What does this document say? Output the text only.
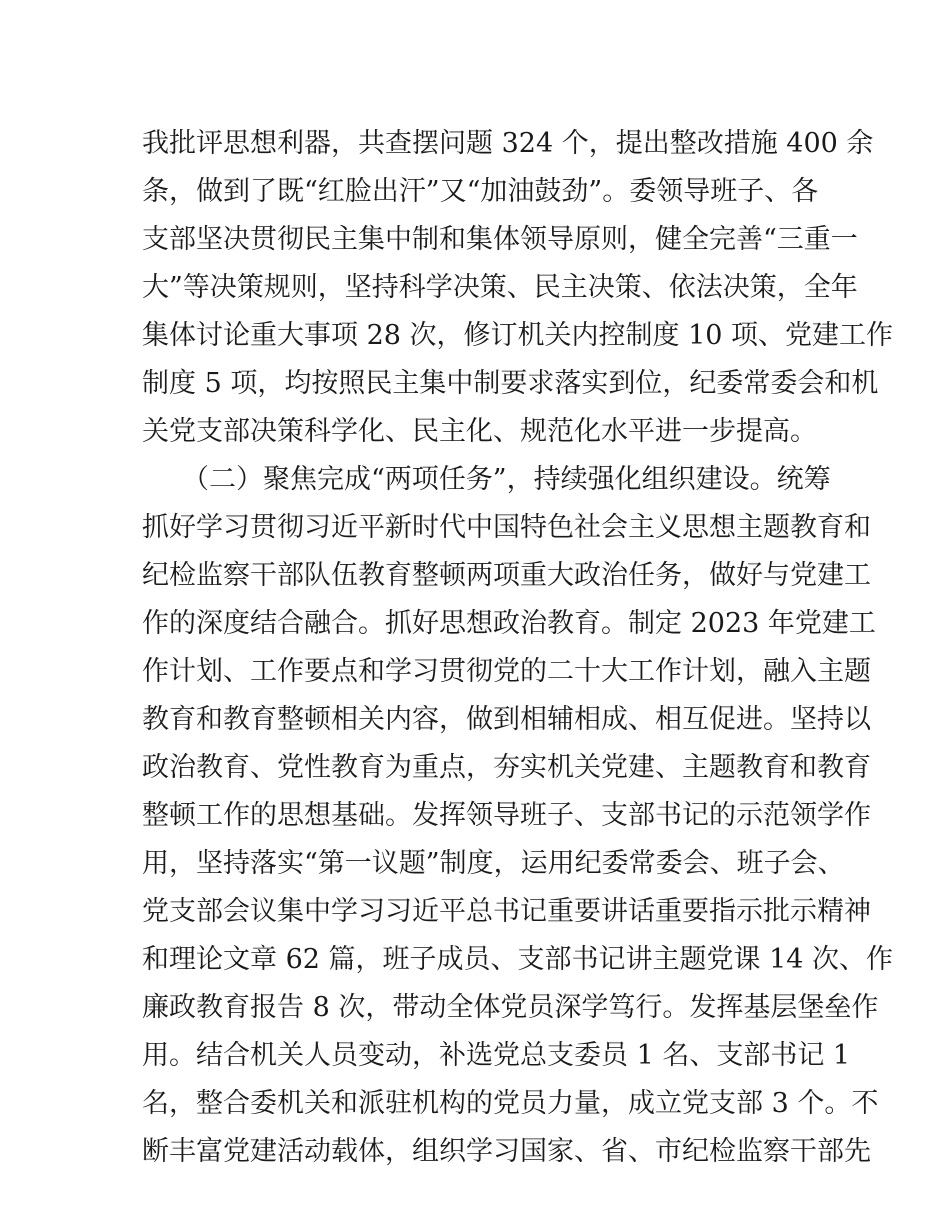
我批评思想利器，共查摆问题 324 个，提出整改措施 400 余
条，做到了既“红脸出汗”又“加油鼓劲”。委领导班子、各
支部坚决贯彻民主集中制和集体领导原则，健全完善“三重一
大”等决策规则，坚持科学决策、民主决策、依法决策，全年
集体讨论重大事项 28 次，修订机关内控制度 10 项、党建工作
制度 5 项，均按照民主集中制要求落实到位，纪委常委会和机
关党支部决策科学化、民主化、规范化水平进一步提高。
（二）聚焦完成“两项任务”，持续强化组织建设。统筹
抓好学习贯彻习近平新时代中国特色社会主义思想主题教育和
纪检监察干部队伍教育整顿两项重大政治任务，做好与党建工
作的深度结合融合。抓好思想政治教育。制定 2023 年党建工
作计划、工作要点和学习贯彻党的二十大工作计划，融入主题
教育和教育整顿相关内容，做到相辅相成、相互促进。坚持以
政治教育、党性教育为重点，夯实机关党建、主题教育和教育
整顿工作的思想基础。发挥领导班子、支部书记的示范领学作
用，坚持落实“第一议题”制度，运用纪委常委会、班子会、
党支部会议集中学习习近平总书记重要讲话重要指示批示精神
和理论文章 62 篇，班子成员、支部书记讲主题党课 14 次、作
廉政教育报告 8 次，带动全体党员深学笃行。发挥基层堡垒作
用。结合机关人员变动，补选党总支委员 1 名、支部书记 1
名，整合委机关和派驻机构的党员力量，成立党支部 3 个。不
断丰富党建活动载体，组织学习国家、省、市纪检监察干部先
